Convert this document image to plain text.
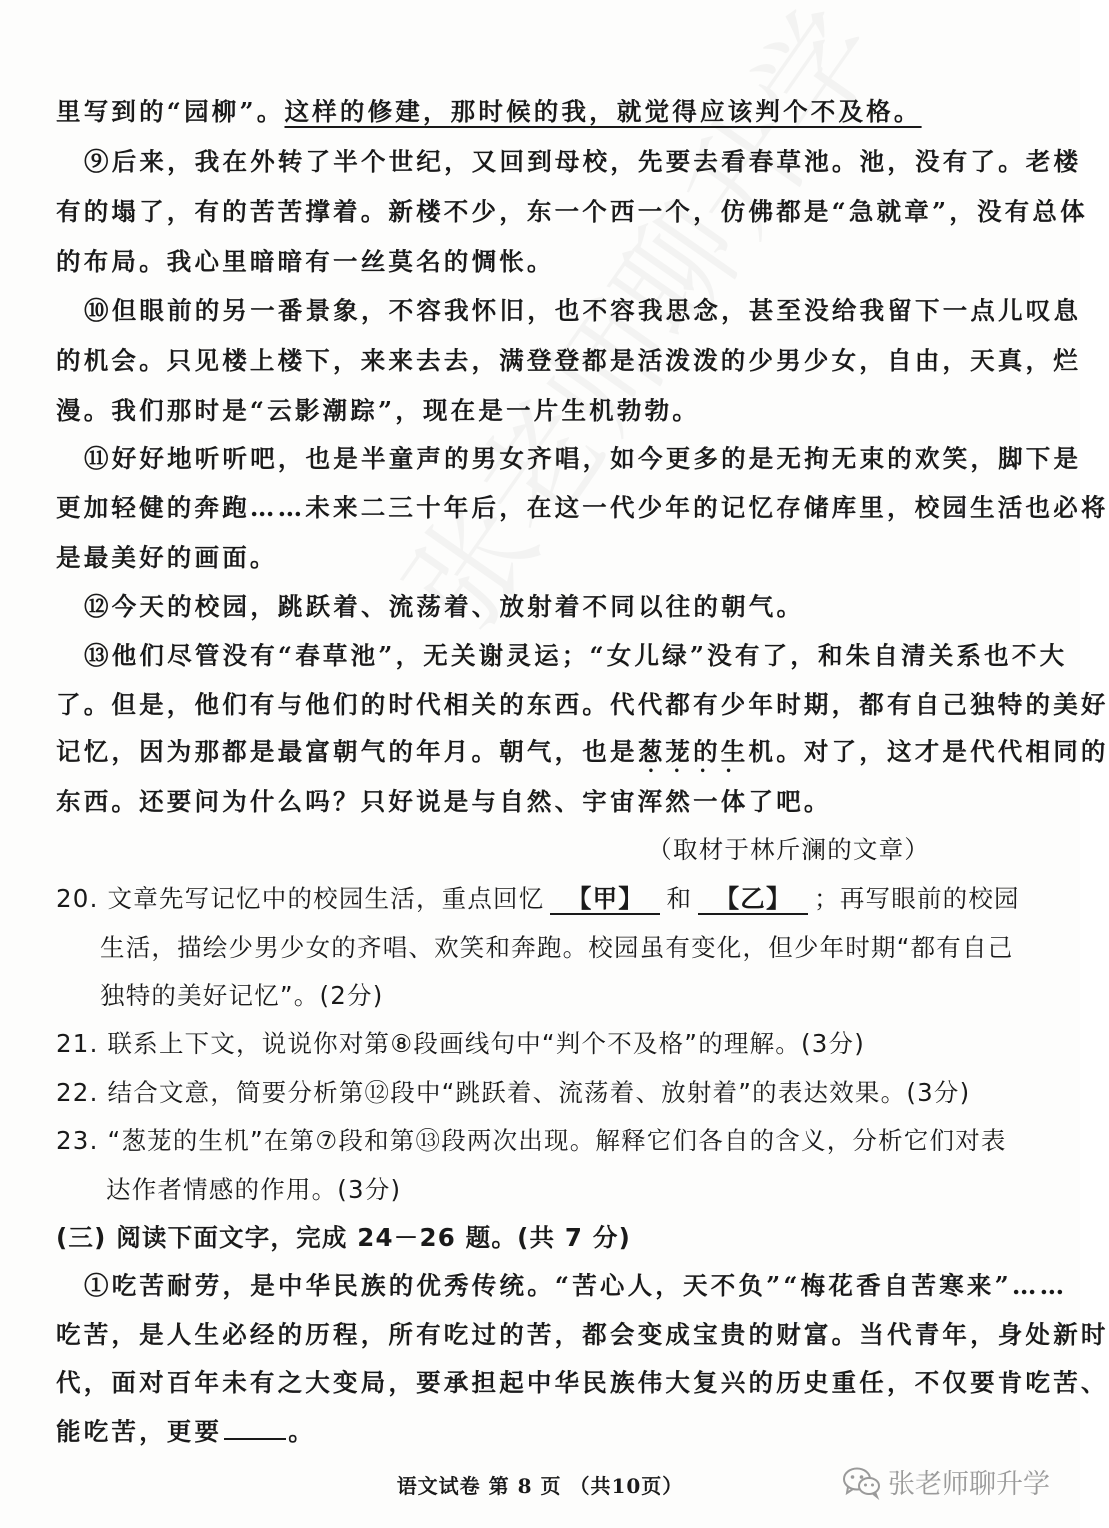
里写到的“园柳”。这样的修建，那时候的我，就觉得应该判个不及格。
⑨后来，我在外转了半个世纪，又回到母校，先要去看春草池。池，没有了。老楼
有的塌了，有的苦苦撑着。新楼不少，东一个西一个，仿佛都是“急就章”，没有总体
的布局。我心里暗暗有一丝莫名的惆怅。
⑩但眼前的另一番景象，不容我怀旧，也不容我思念，甚至没给我留下一点儿叹息
的机会。只见楼上楼下，来来去去，满登登都是活泼泼的少男少女，自由，天真，烂
漫。我们那时是“云影潮踪”，现在是一片生机勃勃。
⑪好好地听听吧，也是半童声的男女齐唱，如今更多的是无拘无束的欢笑，脚下是
更加轻健的奔跑……未来二三十年后，在这一代少年的记忆存储库里，校园生活也必将
是最美好的画面。
⑫今天的校园，跳跃着、流荡着、放射着不同以往的朝气。
⑬他们尽管没有“春草池”，无关谢灵运；“女儿绿”没有了，和朱自清关系也不大
了。但是，他们有与他们的时代相关的东西。代代都有少年时期，都有自己独特的美好
记忆，因为那都是最富朝气的年月。朝气，也是葱茏的生机 • • • •。对了，这才是代代相同的
东西。还要问为什么吗？只好说是与自然、宇宙浑然一体了吧。
（取材于林斤澜的文章）
20. 文章先写记忆中的校园生活，重点回忆 【甲】 和 【乙】 ；再写眼前的校园
生活，描绘少男少女的齐唱、欢笑和奔跑。校园虽有变化，但少年时期“都有自己
独特的美好记忆”。(2分)
21. 联系上下文，说说你对第⑧段画线句中“判个不及格”的理解。(3分)
22. 结合文意，简要分析第⑫段中“跳跃着、流荡着、放射着”的表达效果。(3分)
23. “葱茏的生机”在第⑦段和第⑬段两次出现。解释它们各自的含义，分析它们对表
达作者情感的作用。(3分)
(三) 阅读下面文字，完成 24－26 题。(共 7 分)
①吃苦耐劳，是中华民族的优秀传统。“苦心人，天不负”“梅花香自苦寒来”……
吃苦，是人生必经的历程，所有吃过的苦，都会变成宝贵的财富。当代青年，身处新时
代，面对百年未有之大变局，要承担起中华民族伟大复兴的历史重任，不仅要肯吃苦、
能吃苦，更要	。
语文试卷 第 8 页 （共10页）	张老师聊升学
